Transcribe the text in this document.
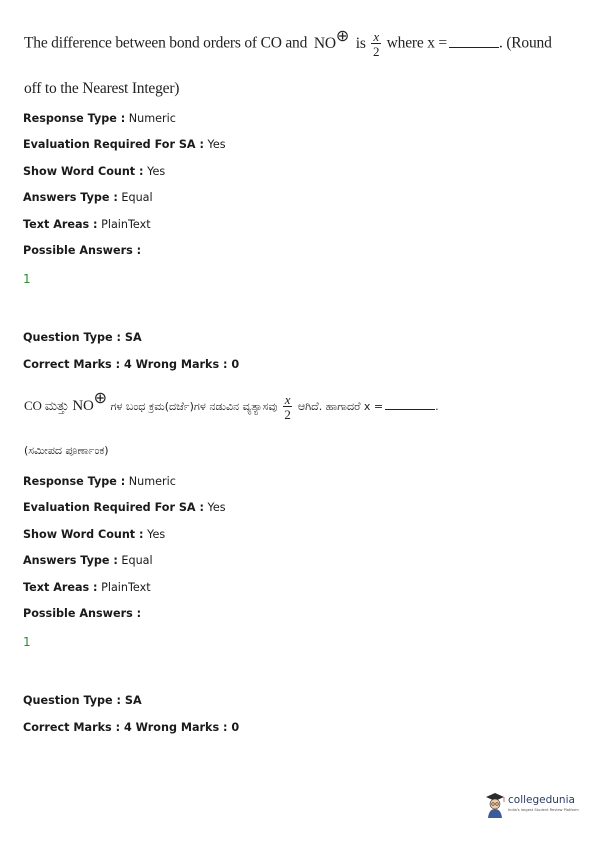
The difference between bond orders of CO and NO⊕ is $\frac{x}{2}$ where x =	. (Round
off to the Nearest Integer)
Response Type : Numeric
Evaluation Required For SA : Yes
Show Word Count : Yes
Answers Type : Equal
Text Areas : PlainText
Possible Answers :
1
Question Type : SA
Correct Marks : 4 Wrong Marks : 0
CO ಮತ್ತು NO⊕ ಗಳ ಬಂಧ ಕ್ರಮ(ದರ್ಜೆ)ಗಳ ನಡುವಿನ ವ್ಯತ್ಯಾಸವು $\frac{x}{2}$ ಆಗಿದೆ. ಹಾಗಾದರೆ x =	.
(ಸಮೀಪದ ಪೂರ್ಣಾಂಕ)
Response Type : Numeric
Evaluation Required For SA : Yes
Show Word Count : Yes
Answers Type : Equal
Text Areas : PlainText
Possible Answers :
1
Question Type : SA
Correct Marks : 4 Wrong Marks : 0
collegedunia
India's largest Student Review Platform
